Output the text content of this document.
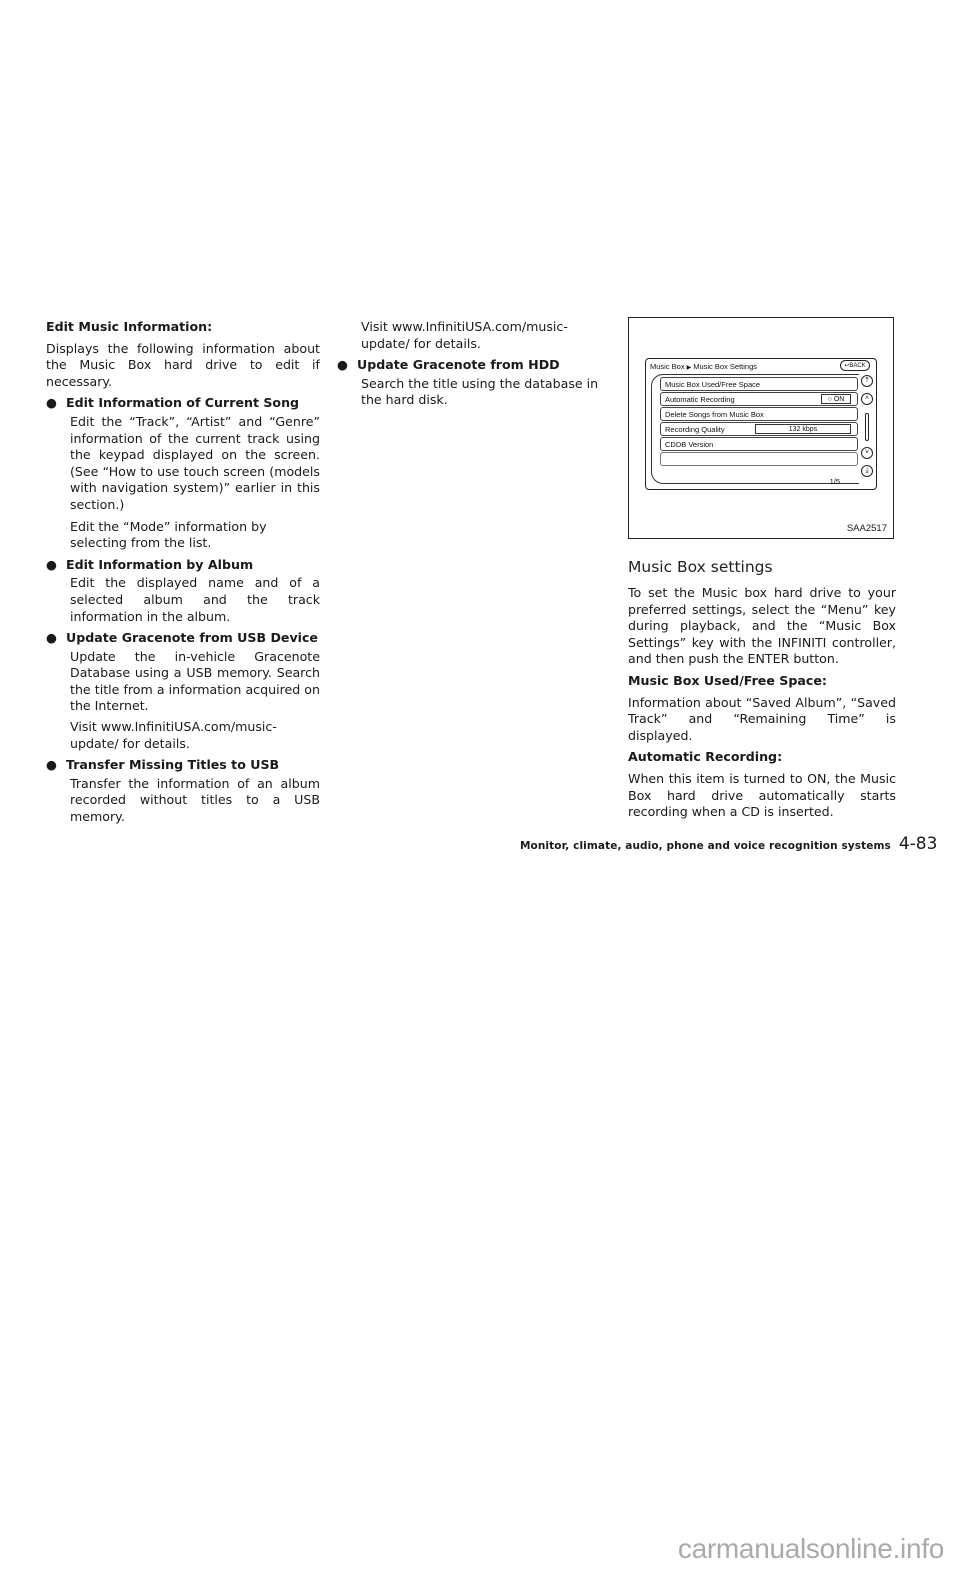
Edit Music Information:

Displays the following information about the Music Box hard drive to edit if necessary.

● Edit Information of Current Song

Edit the “Track”, “Artist” and “Genre” information of the current track using the keypad displayed on the screen. (See “How to use touch screen (models with navigation system)” earlier in this section.)

Edit the “Mode” information by selecting from the list.

● Edit Information by Album

Edit the displayed name and of a selected album and the track information in the album.

● Update Gracenote from USB Device

Update the in-vehicle Gracenote Database using a USB memory. Search the title from a information acquired on the Internet.

Visit www.InfinitiUSA.com/music-update/ for details.

● Transfer Missing Titles to USB

Transfer the information of an album recorded without titles to a USB memory.

Visit www.InfinitiUSA.com/music-update/ for details.

● Update Gracenote from HDD

Search the title using the database in the hard disk.

Music Box ▶ Music Box Settings	↩BACK
Music Box Used/Free Space
Automatic Recording	○ ON
Delete Songs from Music Box
Recording Quality	132 kbps
CDDB Version
1/5
⤒
˄
˅
⤓
SAA2517

Music Box settings

To set the Music box hard drive to your preferred settings, select the “Menu” key during playback, and the “Music Box Settings” key with the INFINITI controller, and then push the ENTER button.

Music Box Used/Free Space:

Information about “Saved Album”, “Saved Track” and “Remaining Time” is displayed.

Automatic Recording:

When this item is turned to ON, the Music Box hard drive automatically starts recording when a CD is inserted.

Monitor, climate, audio, phone and voice recognition systems 4-83
carmanualsonline.info
